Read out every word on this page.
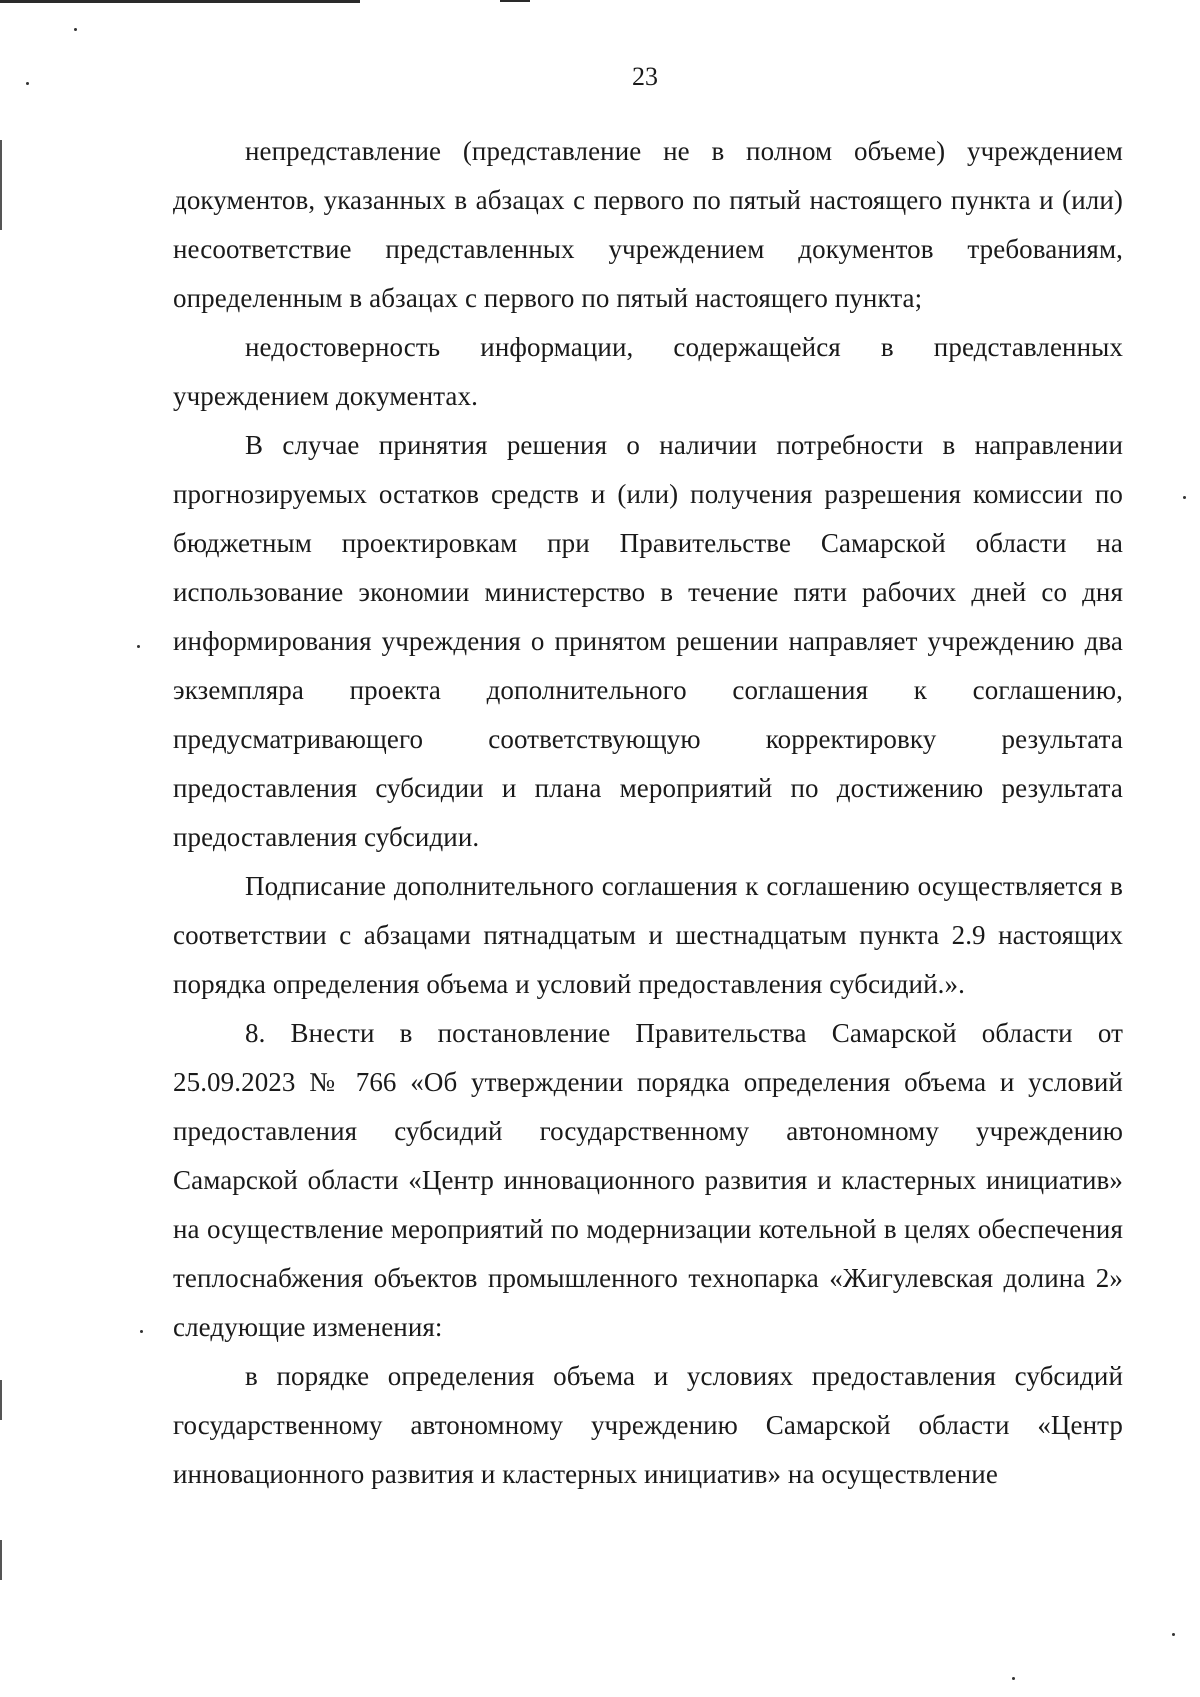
23

непредставление (представление не в полном объеме) учреждением документов, указанных в абзацах с первого по пятый настоящего пункта и (или) несоответствие представленных учреждением документов требованиям, определенным в абзацах с первого по пятый настоящего пункта;

недостоверность информации, содержащейся в представленных учреждением документах.

В случае принятия решения о наличии потребности в направлении прогнозируемых остатков средств и (или) получения разрешения комиссии по бюджетным проектировкам при Правительстве Самарской области на использование экономии министерство в течение пяти рабочих дней со дня информирования учреждения о принятом решении направляет учреждению два экземпляра проекта дополнительного соглашения к соглашению, предусматривающего соответствующую корректировку результата предоставления субсидии и плана мероприятий по достижению результата предоставления субсидии.

Подписание дополнительного соглашения к соглашению осуществляется в соответствии с абзацами пятнадцатым и шестнадцатым пункта 2.9 настоящих порядка определения объема и условий предоставления субсидий.».

8. Внести в постановление Правительства Самарской области от 25.09.2023 № 766 «Об утверждении порядка определения объема и условий предоставления субсидий государственному автономному учреждению Самарской области «Центр инновационного развития и кластерных инициатив» на осуществление мероприятий по модернизации котельной в целях обеспечения теплоснабжения объектов промышленного технопарка «Жигулевская долина 2» следующие изменения:

в порядке определения объема и условиях предоставления субсидий государственному автономному учреждению Самарской области «Центр инновационного развития и кластерных инициатив» на осуществление
